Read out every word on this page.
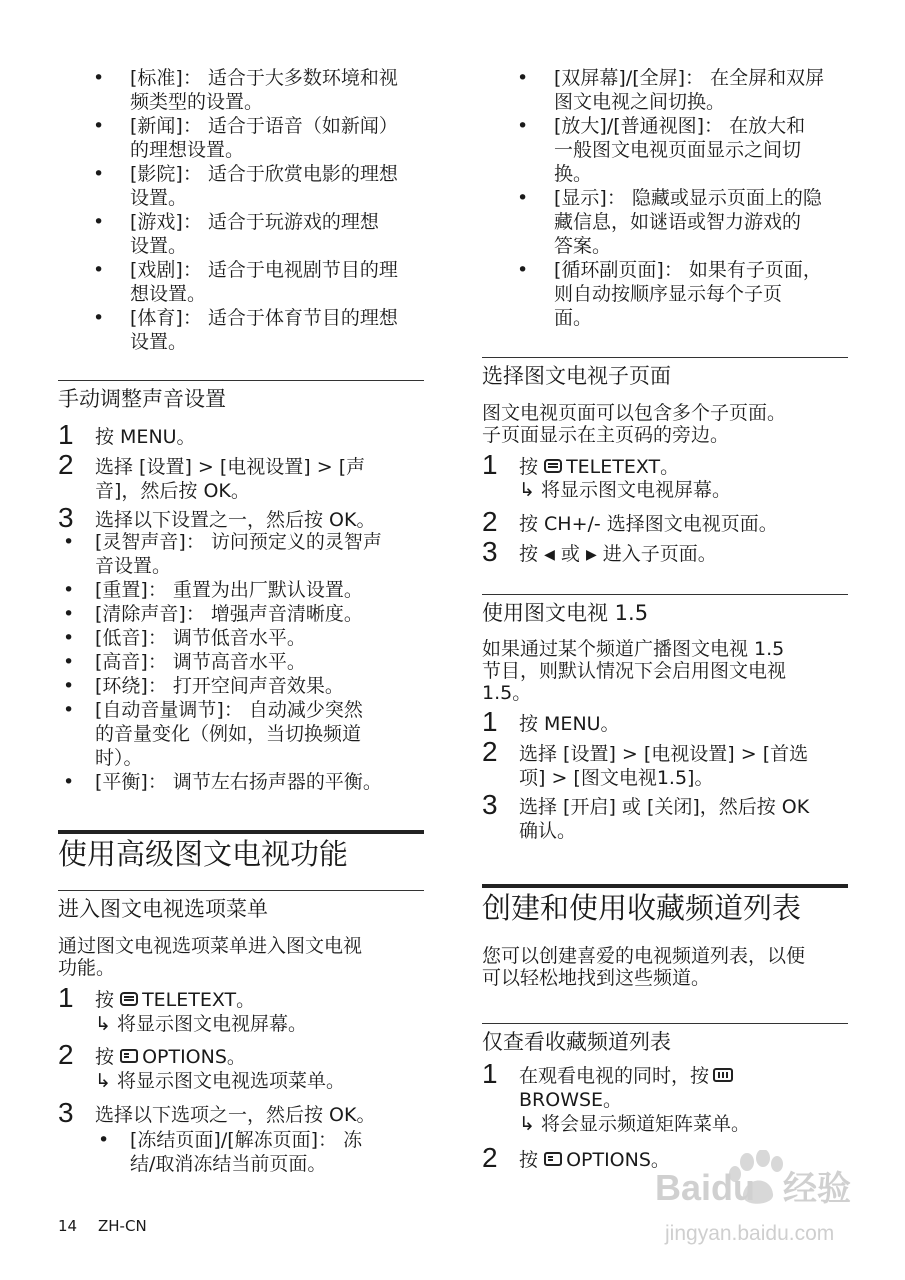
• [标准]： 适合于大多数环境和视
频类型的设置。
• [新闻]： 适合于语音（如新闻）
的理想设置。
• [影院]： 适合于欣赏电影的理想
设置。
• [游戏]： 适合于玩游戏的理想
设置。
• [戏剧]： 适合于电视剧节目的理
想设置。
• [体育]： 适合于体育节目的理想
设置。
手动调整声音设置
1 按 MENU。
2 选择 [设置] > [电视设置] > [声
音]，然后按 OK。
3 选择以下设置之一，然后按 OK。
• [灵智声音]： 访问预定义的灵智声
音设置。
• [重置]： 重置为出厂默认设置。
• [清除声音]： 增强声音清晰度。
• [低音]： 调节低音水平。
• [高音]： 调节高音水平。
• [环绕]： 打开空间声音效果。
• [自动音量调节]： 自动减少突然
的音量变化（例如，当切换频道
时）。
• [平衡]： 调节左右扬声器的平衡。
使用高级图文电视功能
进入图文电视选项菜单
通过图文电视选项菜单进入图文电视
功能。
1 按 TELETEXT。
↳ 将显示图文电视屏幕。
2 按 OPTIONS。
↳ 将显示图文电视选项菜单。
3 选择以下选项之一，然后按 OK。
• [冻结页面]/[解冻页面]： 冻
结/取消冻结当前页面。
• [双屏幕]/[全屏]： 在全屏和双屏
图文电视之间切换。
• [放大]/[普通视图]： 在放大和
一般图文电视页面显示之间切
换。
• [显示]： 隐藏或显示页面上的隐
藏信息，如谜语或智力游戏的
答案。
• [循环副页面]： 如果有子页面，
则自动按顺序显示每个子页
面。
选择图文电视子页面
图文电视页面可以包含多个子页面。
子页面显示在主页码的旁边。
1 按 TELETEXT。
↳ 将显示图文电视屏幕。
2 按 CH+/- 选择图文电视页面。
3 按 ◀ 或 ▶ 进入子页面。
使用图文电视 1.5
如果通过某个频道广播图文电视 1.5
节目，则默认情况下会启用图文电视
1.5。
1 按 MENU。
2 选择 [设置] > [电视设置] > [首选
项] > [图文电视1.5]。
3 选择 [开启] 或 [关闭]，然后按 OK
确认。
创建和使用收藏频道列表
您可以创建喜爱的电视频道列表，以便
可以轻松地找到这些频道。
仅查看收藏频道列表
1 在观看电视的同时，按
BROWSE。
↳ 将会显示频道矩阵菜单。
2 按 OPTIONS。
14 ZH-CN
Baidu 经验
jingyan.baidu.com
